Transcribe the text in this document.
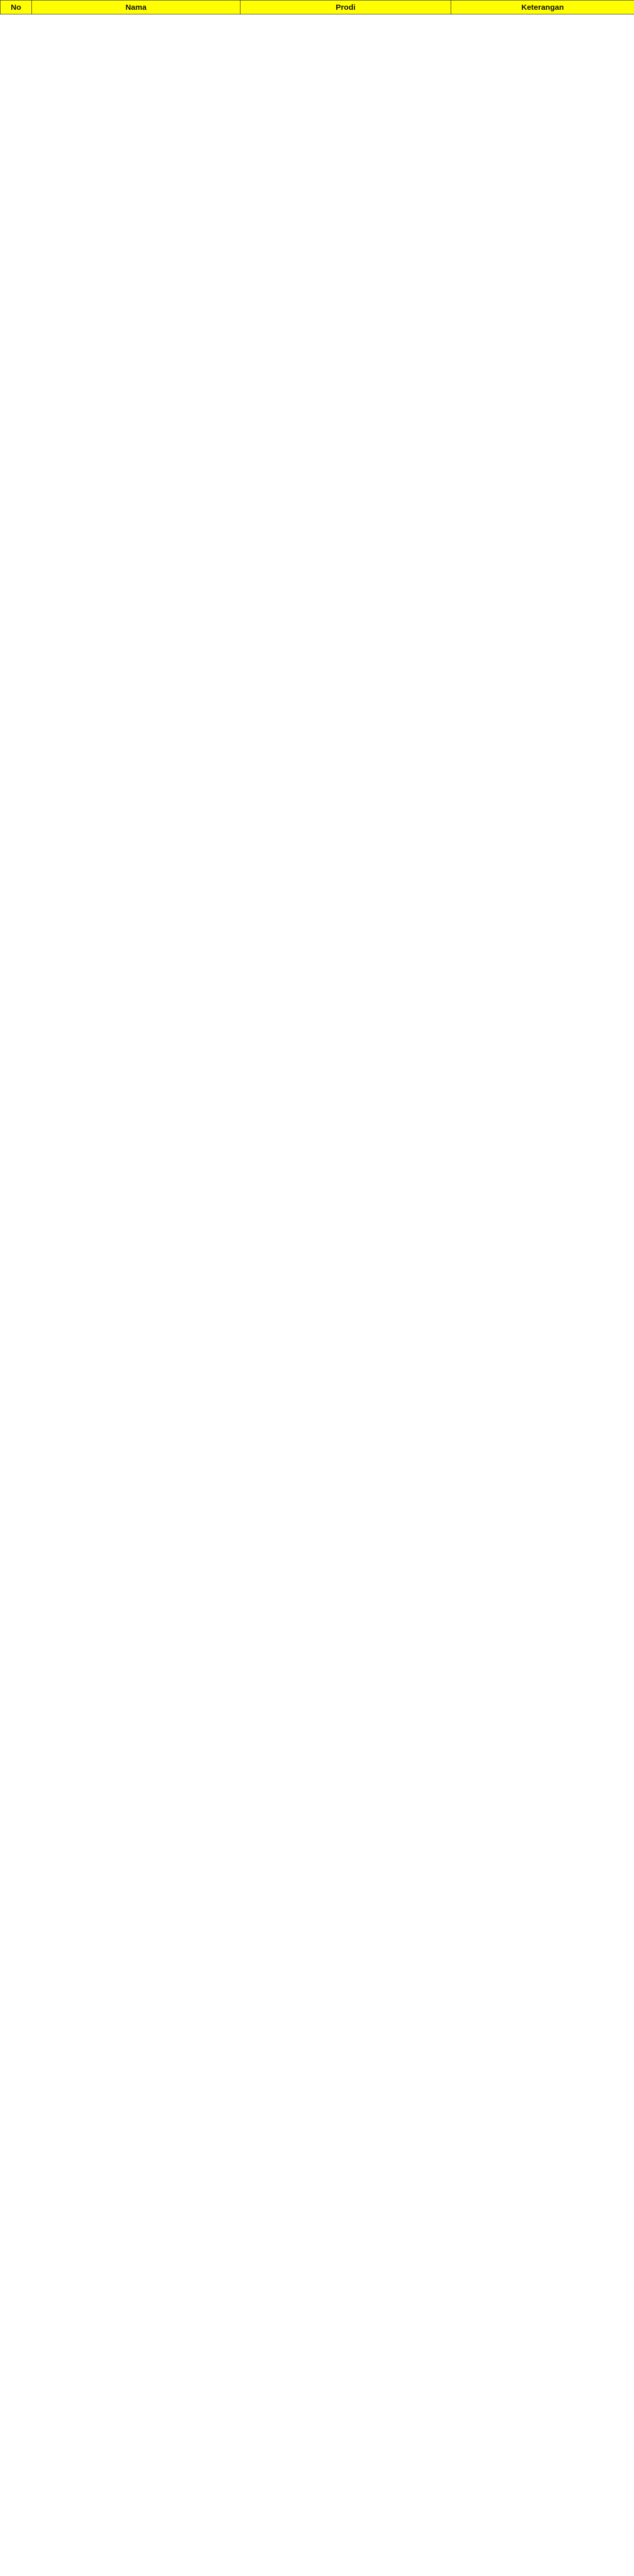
No	Nama	Prodi	Keterangan
